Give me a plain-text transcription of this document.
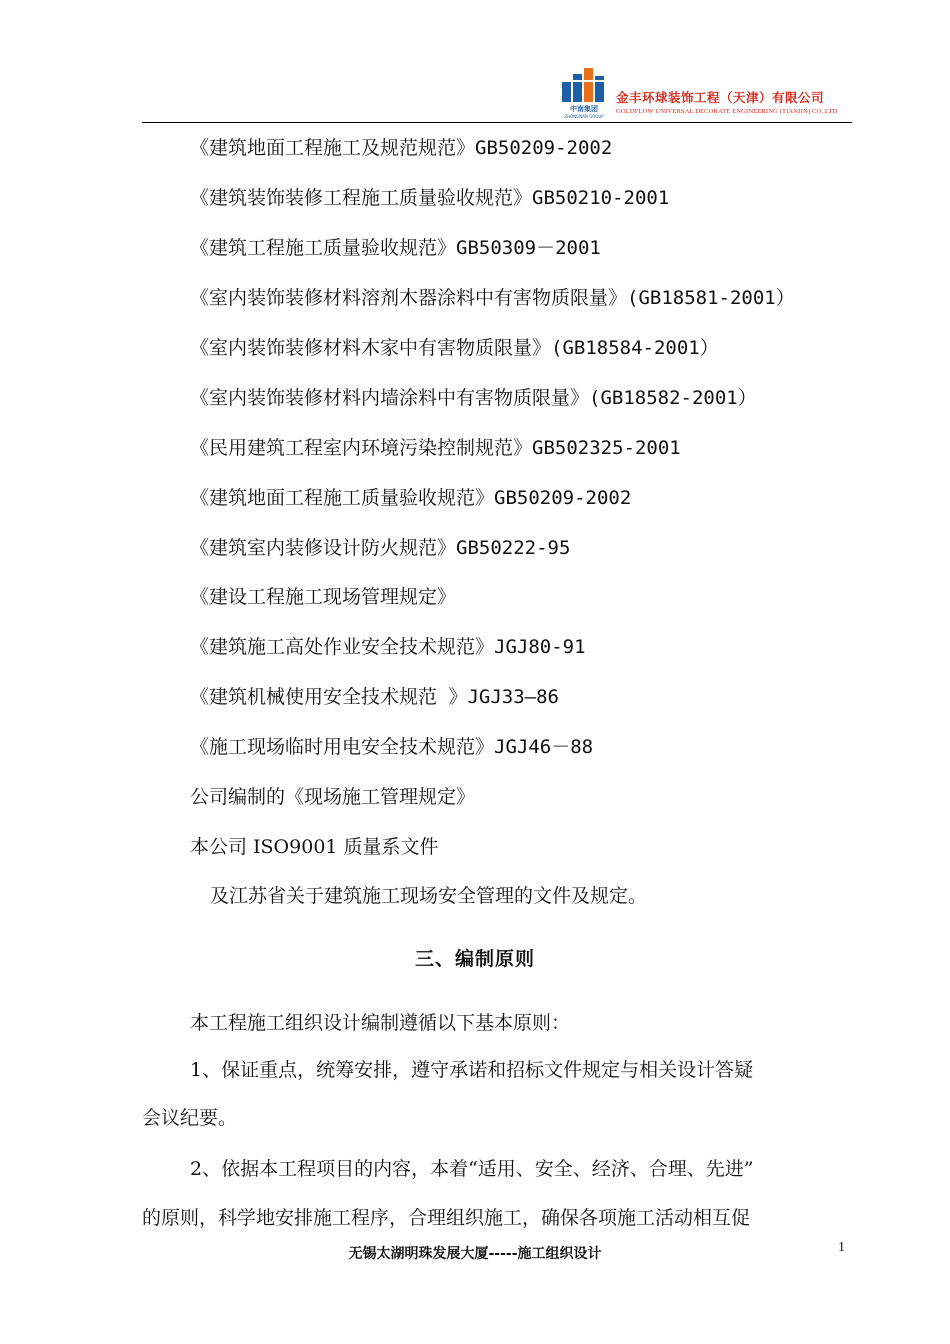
中南集团
ZHONGNAN GROUP
金丰环球装饰工程（天津）有限公司
GOLDFLOW UNIVERSAL DECORATE ENGINEERING (TIANJIN) CO.,LTD
《建筑地面工程施工及规范规范》GB50209-2002
《建筑装饰装修工程施工质量验收规范》GB50210-2001
《建筑工程施工质量验收规范》GB50309－2001
《室内装饰装修材料溶剂木器涂料中有害物质限量》(GB18581-2001）
《室内装饰装修材料木家中有害物质限量》(GB18584-2001）
《室内装饰装修材料内墙涂料中有害物质限量》(GB18582-2001）
《民用建筑工程室内环境污染控制规范》GB502325-2001
《建筑地面工程施工质量验收规范》GB50209-2002
《建筑室内装修设计防火规范》GB50222-95
《建设工程施工现场管理规定》
《建筑施工高处作业安全技术规范》JGJ80-91
《建筑机械使用安全技术规范 》JGJ33—86
《施工现场临时用电安全技术规范》JGJ46－88
公司编制的《现场施工管理规定》
本公司 ISO9001 质量系文件
及江苏省关于建筑施工现场安全管理的文件及规定。
三、编制原则
本工程施工组织设计编制遵循以下基本原则：
1、保证重点，统筹安排，遵守承诺和招标文件规定与相关设计答疑
会议纪要。
2、依据本工程项目的内容，本着“适用、安全、经济、合理、先进”
的原则，科学地安排施工程序，合理组织施工，确保各项施工活动相互促
无锡太湖明珠发展大厦-----施工组织设计	1
